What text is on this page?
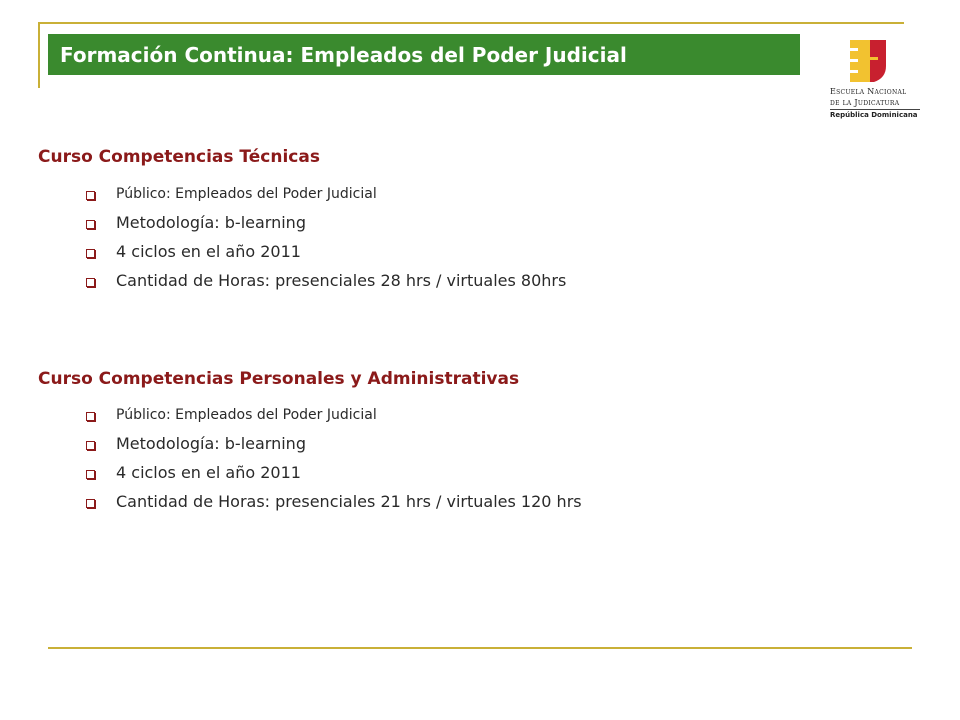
Formación Continua: Empleados del Poder Judicial
Escuela Nacional
de la Judicatura
República Dominicana
Curso Competencias Técnicas
Público: Empleados del Poder Judicial
Metodología: b-learning
4 ciclos en el año 2011
Cantidad de Horas: presenciales 28 hrs / virtuales 80hrs
Curso Competencias Personales y Administrativas
Público: Empleados del Poder Judicial
Metodología: b-learning
4 ciclos en el año 2011
Cantidad de Horas: presenciales 21 hrs / virtuales 120 hrs
